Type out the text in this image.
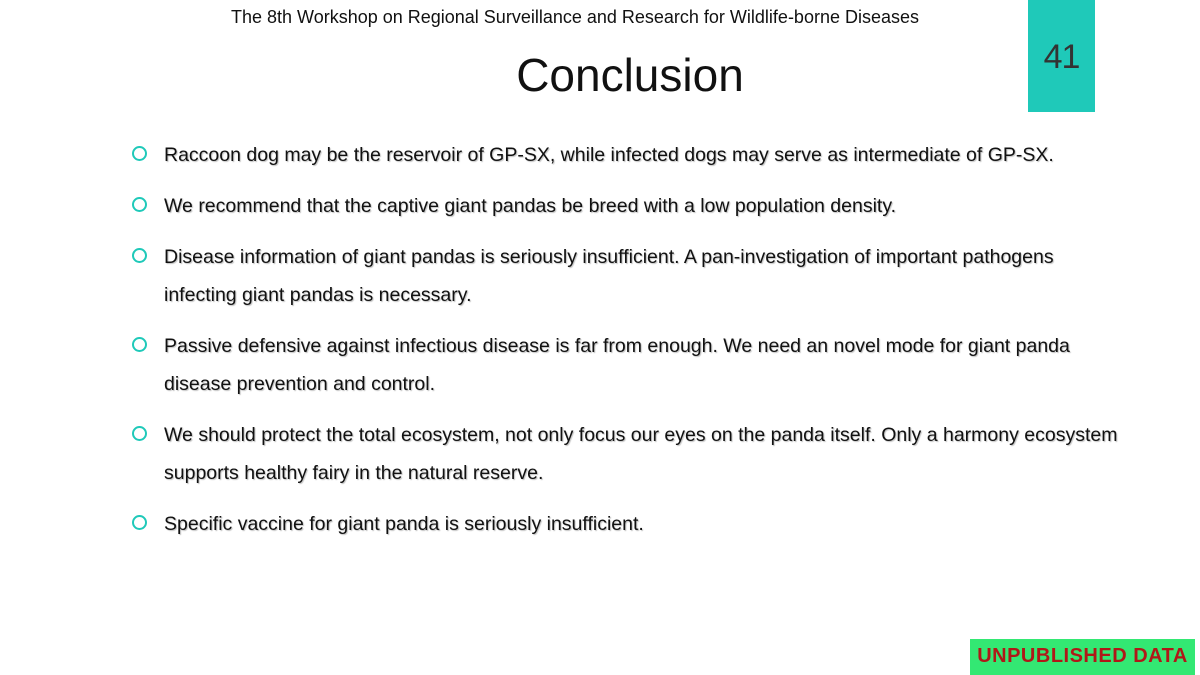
The 8th Workshop on Regional Surveillance and Research for Wildlife-borne Diseases
Conclusion	41
Raccoon dog may be the reservoir of GP-SX, while infected dogs may serve as intermediate of GP-SX.
We recommend that the captive giant pandas be breed with a low population density.
Disease information of giant pandas is seriously insufficient. A pan-investigation of important pathogens infecting giant pandas is necessary.
Passive defensive against infectious disease is far from enough. We need an novel mode for giant panda disease prevention and control.
We should protect the total ecosystem, not only focus our eyes on the panda itself. Only a harmony ecosystem supports healthy fairy in the natural reserve.
Specific vaccine for giant panda is seriously insufficient.
UNPUBLISHED DATA
